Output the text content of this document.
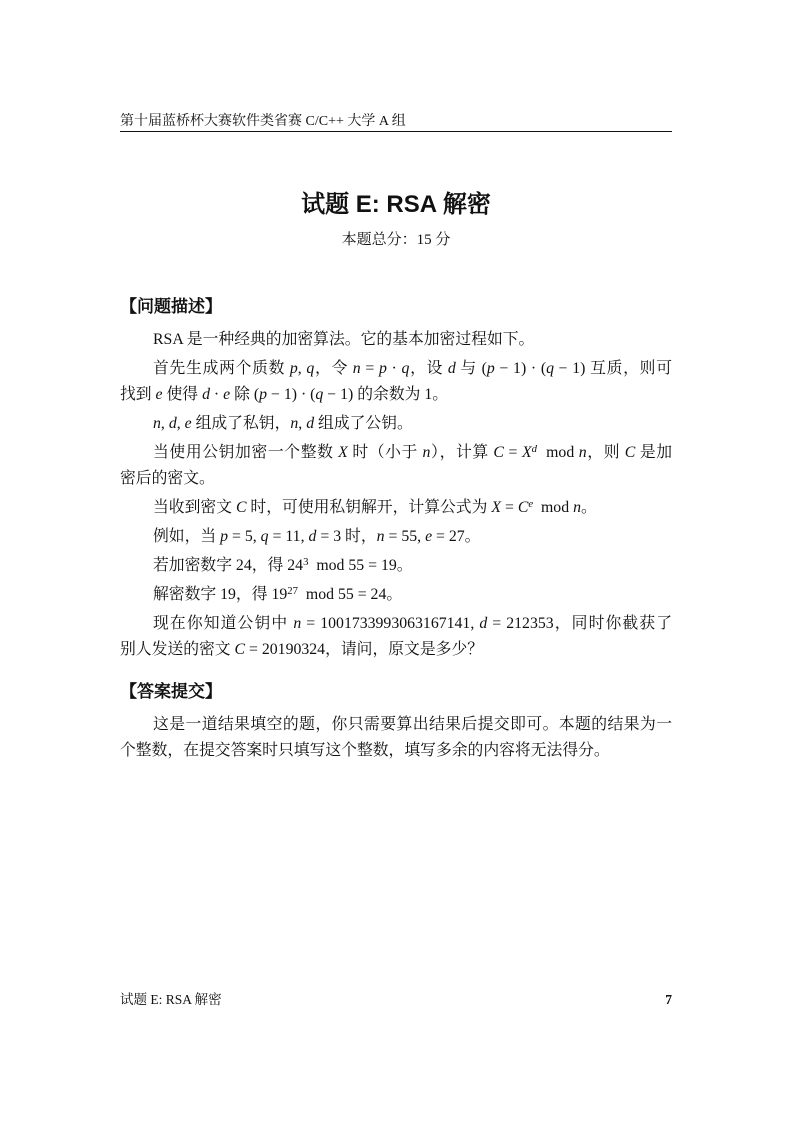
第十届蓝桥杯大赛软件类省赛 C/C++ 大学 A 组
试题 E: RSA 解密
本题总分：15 分
【问题描述】
RSA 是一种经典的加密算法。它的基本加密过程如下。
首先生成两个质数 p, q，令 n = p · q，设 d 与 (p − 1) · (q − 1) 互质，则可
找到 e 使得 d · e 除 (p − 1) · (q − 1) 的余数为 1。
n, d, e 组成了私钥，n, d 组成了公钥。
当使用公钥加密一个整数 X 时（小于 n），计算 $C = X^d$  mod n，则 C 是加
密后的密文。
当收到密文 C 时，可使用私钥解开，计算公式为 $X = C^e$  mod n。
例如，当 p = 5, q = 11, d = 3 时，n = 55, e = 27。
若加密数字 24，得 $24^3$  mod 55 = 19。
解密数字 19，得 $19^{27}$  mod 55 = 24。
现在你知道公钥中 n = 1001733993063167141, d = 212353，同时你截获了
别人发送的密文 C = 20190324，请问，原文是多少？
【答案提交】
这是一道结果填空的题，你只需要算出结果后提交即可。本题的结果为一
个整数，在提交答案时只填写这个整数，填写多余的内容将无法得分。
试题 E: RSA 解密	7
